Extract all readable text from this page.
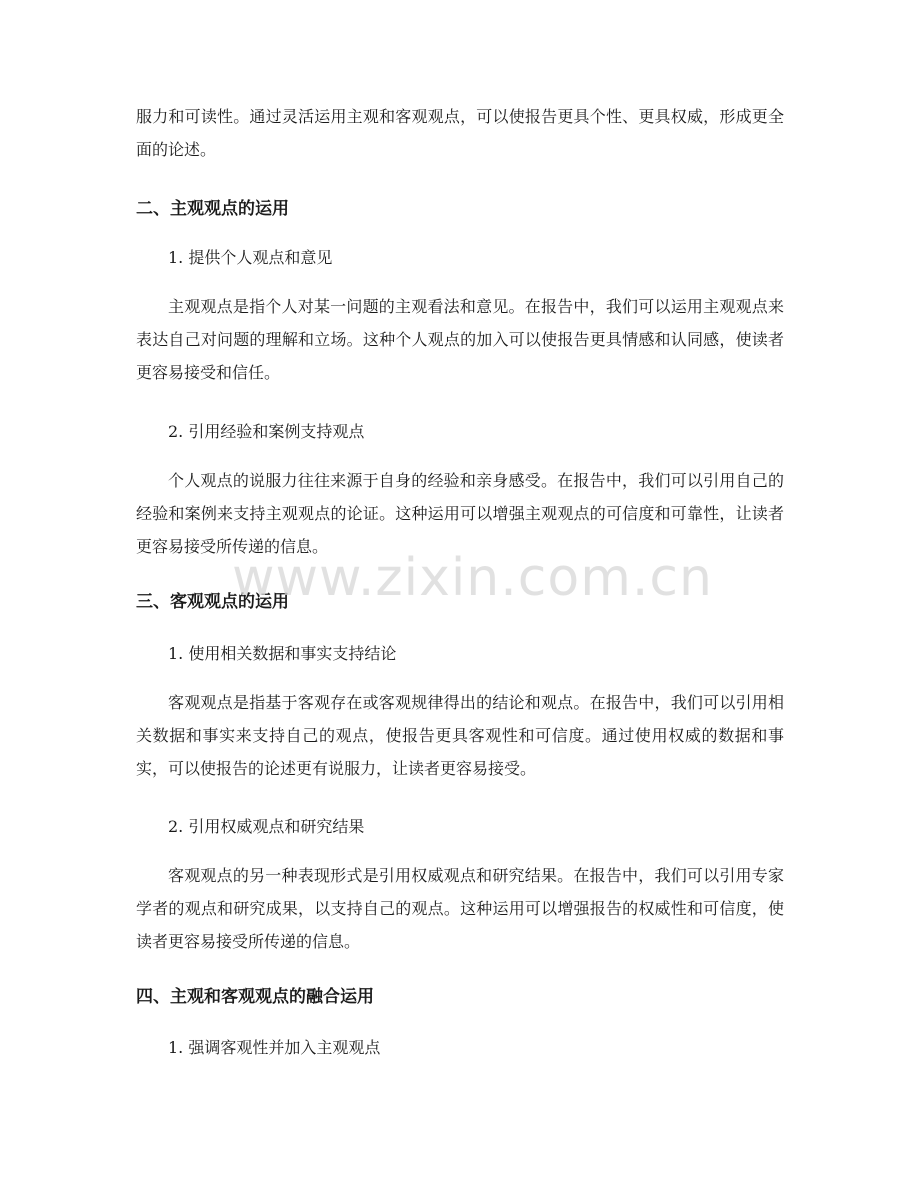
服力和可读性。通过灵活运用主观和客观观点，可以使报告更具个性、更具权威，形成更全面的论述。
二、主观观点的运用
1. 提供个人观点和意见
主观观点是指个人对某一问题的主观看法和意见。在报告中，我们可以运用主观观点来表达自己对问题的理解和立场。这种个人观点的加入可以使报告更具情感和认同感，使读者更容易接受和信任。
2. 引用经验和案例支持观点
个人观点的说服力往往来源于自身的经验和亲身感受。在报告中，我们可以引用自己的经验和案例来支持主观观点的论证。这种运用可以增强主观观点的可信度和可靠性，让读者更容易接受所传递的信息。
三、客观观点的运用
1. 使用相关数据和事实支持结论
客观观点是指基于客观存在或客观规律得出的结论和观点。在报告中，我们可以引用相关数据和事实来支持自己的观点，使报告更具客观性和可信度。通过使用权威的数据和事实，可以使报告的论述更有说服力，让读者更容易接受。
2. 引用权威观点和研究结果
客观观点的另一种表现形式是引用权威观点和研究结果。在报告中，我们可以引用专家学者的观点和研究成果，以支持自己的观点。这种运用可以增强报告的权威性和可信度，使读者更容易接受所传递的信息。
四、主观和客观观点的融合运用
1. 强调客观性并加入主观观点
www.zixin.com.cn
